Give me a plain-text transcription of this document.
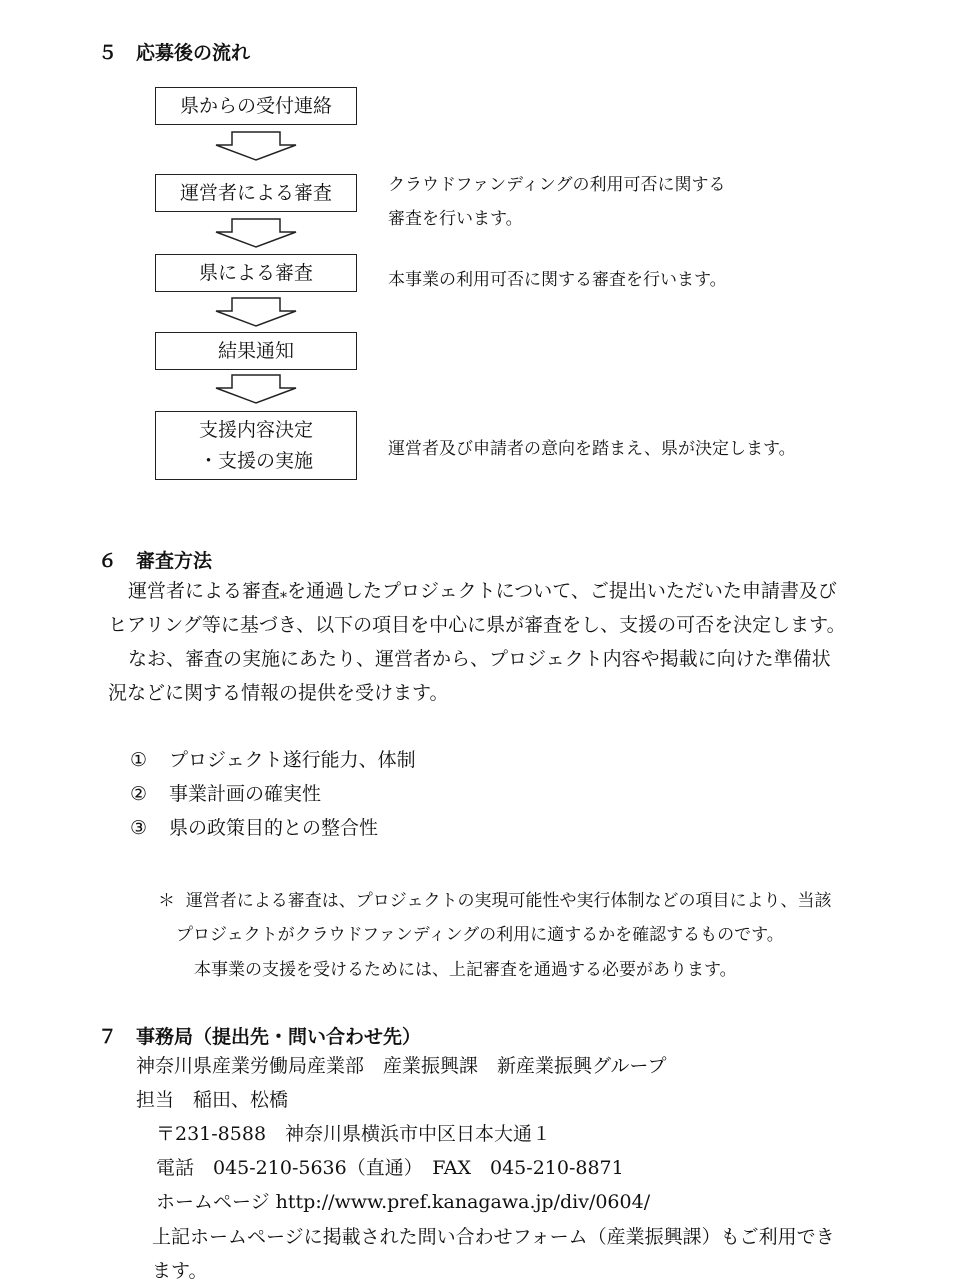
５　 応募後の流れ
県からの受付連絡
運営者による審査
県による審査
結果通知
支援内容決定
・支援の実施
クラウドファンディングの利用可否に関する
審査を行います。
本事業の利用可否に関する審査を行います。
運営者及び申請者の意向を踏まえ、県が決定します。
６　 審査方法
運営者による審査$_*$を通過したプロジェクトについて、ご提出いただいた申請書及び
ヒアリング等に基づき、以下の項目を中心に県が審査をし、支援の可否を決定します。
なお、審査の実施にあたり、運営者から、プロジェクト内容や掲載に向けた準備状
況などに関する情報の提供を受けます。
① プロジェクト遂行能力、体制
② 事業計画の確実性
③ 県の政策目的との整合性
＊ 運営者による審査は、プロジェクトの実現可能性や実行体制などの項目により、当該
プロジェクトがクラウドファンディングの利用に適するかを確認するものです。
本事業の支援を受けるためには、上記審査を通過する必要があります。
７　 事務局（提出先・問い合わせ先）
神奈川県産業労働局産業部　産業振興課　新産業振興グループ
担当　稲田、松橋
〒231-8588　神奈川県横浜市中区日本大通１
電話　045-210-5636（直通）　FAX　045-210-8871
ホームページ http://www.pref.kanagawa.jp/div/0604/
上記ホームページに掲載された問い合わせフォーム（産業振興課）もご利用でき
ます。
